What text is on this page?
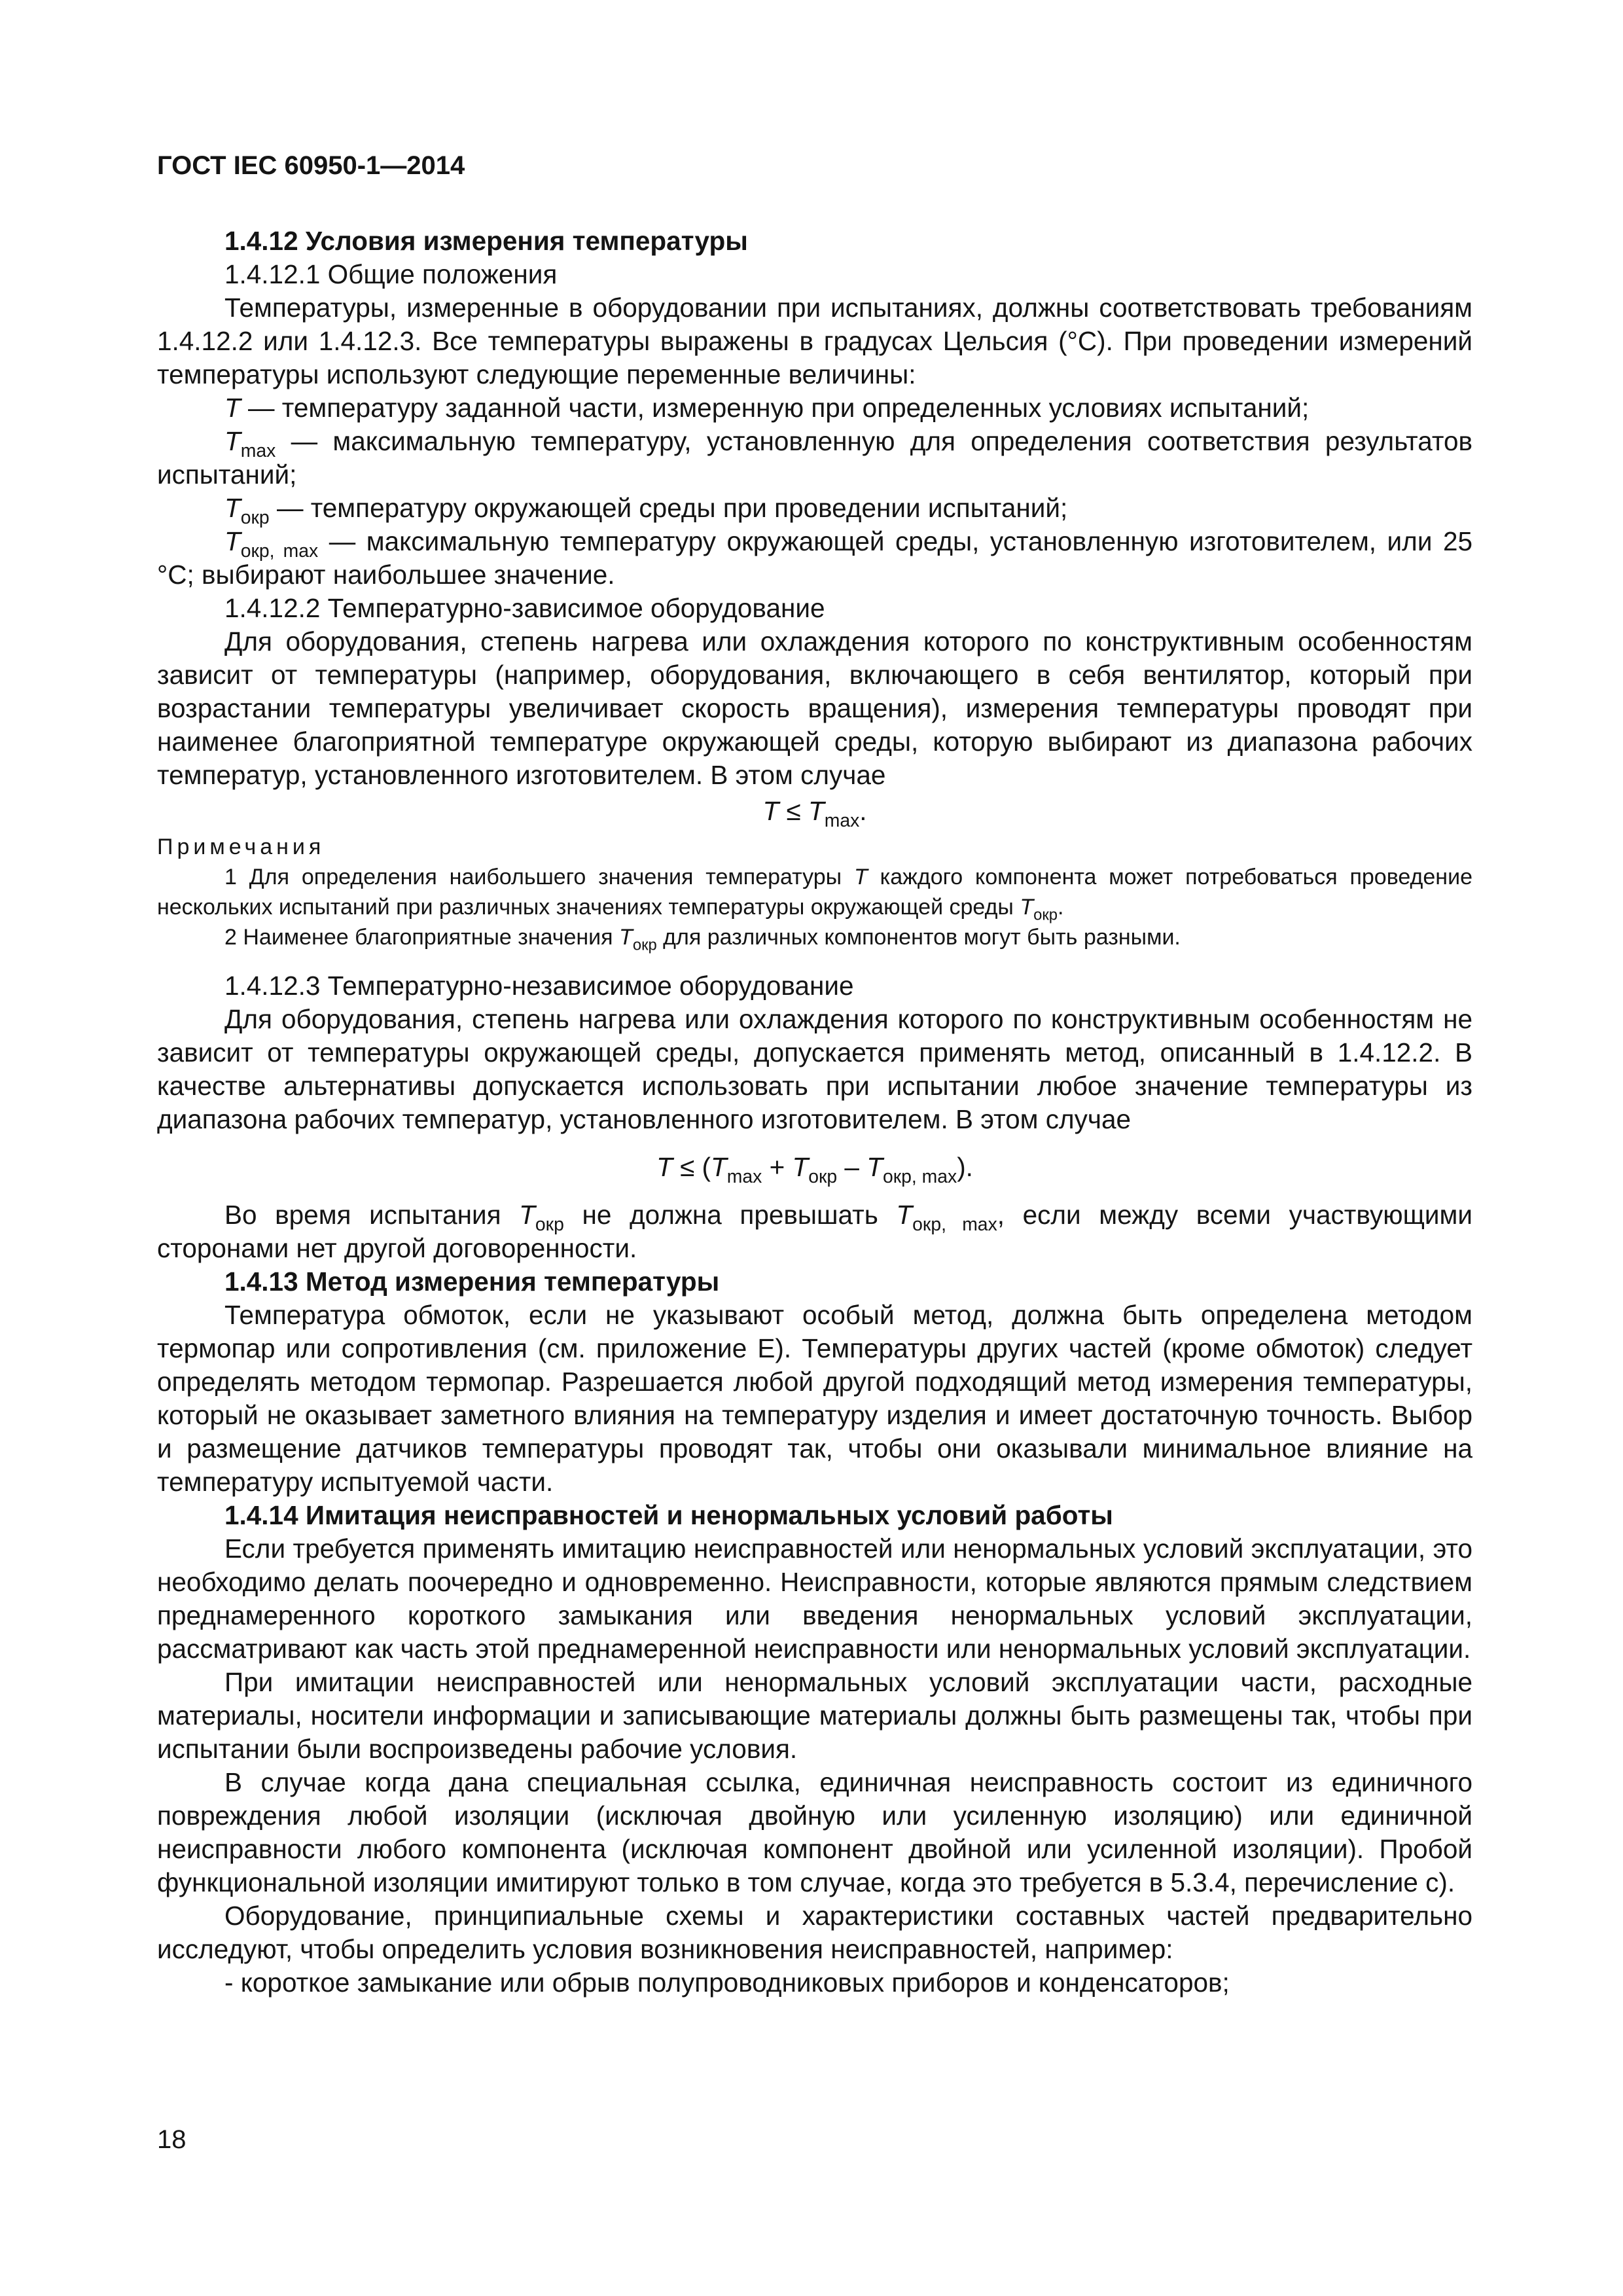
ГОСТ IEC 60950-1—2014

1.4.12 Условия измерения температуры

1.4.12.1 Общие положения

Температуры, измеренные в оборудовании при испытаниях, должны соответствовать требованиям 1.4.12.2 или 1.4.12.3. Все температуры выражены в градусах Цельсия (°C). При проведении измерений температуры используют следующие переменные величины:

T — температуру заданной части, измеренную при определенных условиях испытаний;

$T_{max}$ — максимальную температуру, установленную для определения соответствия результатов испытаний;

$T_{окр}$ — температуру окружающей среды при проведении испытаний;

$T_{окр, max}$ — максимальную температуру окружающей среды, установленную изготовителем, или 25 °C; выбирают наибольшее значение.

1.4.12.2 Температурно-зависимое оборудование

Для оборудования, степень нагрева или охлаждения которого по конструктивным особенностям зависит от температуры (например, оборудования, включающего в себя вентилятор, который при возрастании температуры увеличивает скорость вращения), измерения температуры проводят при наименее благоприятной температуре окружающей среды, которую выбирают из диапазона рабочих температур, установленного изготовителем. В этом случае

$T \le T_{max}$.

Примечания

1 Для определения наибольшего значения температуры T каждого компонента может потребоваться проведение нескольких испытаний при различных значениях температуры окружающей среды $T_{окр}$.

2 Наименее благоприятные значения $T_{окр}$ для различных компонентов могут быть разными.

1.4.12.3 Температурно-независимое оборудование

Для оборудования, степень нагрева или охлаждения которого по конструктивным особенностям не зависит от температуры окружающей среды, допускается применять метод, описанный в 1.4.12.2. В качестве альтернативы допускается использовать при испытании любое значение температуры из диапазона рабочих температур, установленного изготовителем. В этом случае

$T \le (T_{max} + T_{окр} - T_{окр, max})$.

Во время испытания $T_{окр}$ не должна превышать $T_{окр, max}$, если между всеми участвующими сторонами нет другой договоренности.

1.4.13 Метод измерения температуры

Температура обмоток, если не указывают особый метод, должна быть определена методом термопар или сопротивления (см. приложение E). Температуры других частей (кроме обмоток) следует определять методом термопар. Разрешается любой другой подходящий метод измерения температуры, который не оказывает заметного влияния на температуру изделия и имеет достаточную точность. Выбор и размещение датчиков температуры проводят так, чтобы они оказывали минимальное влияние на температуру испытуемой части.

1.4.14 Имитация неисправностей и ненормальных условий работы

Если требуется применять имитацию неисправностей или ненормальных условий эксплуатации, это необходимо делать поочередно и одновременно. Неисправности, которые являются прямым следствием преднамеренного короткого замыкания или введения ненормальных условий эксплуатации, рассматривают как часть этой преднамеренной неисправности или ненормальных условий эксплуатации.

При имитации неисправностей или ненормальных условий эксплуатации части, расходные материалы, носители информации и записывающие материалы должны быть размещены так, чтобы при испытании были воспроизведены рабочие условия.

В случае когда дана специальная ссылка, единичная неисправность состоит из единичного повреждения любой изоляции (исключая двойную или усиленную изоляцию) или единичной неисправности любого компонента (исключая компонент двойной или усиленной изоляции). Пробой функциональной изоляции имитируют только в том случае, когда это требуется в 5.3.4, перечисление c).

Оборудование, принципиальные схемы и характеристики составных частей предварительно исследуют, чтобы определить условия возникновения неисправностей, например:

- короткое замыкание или обрыв полупроводниковых приборов и конденсаторов;

18
